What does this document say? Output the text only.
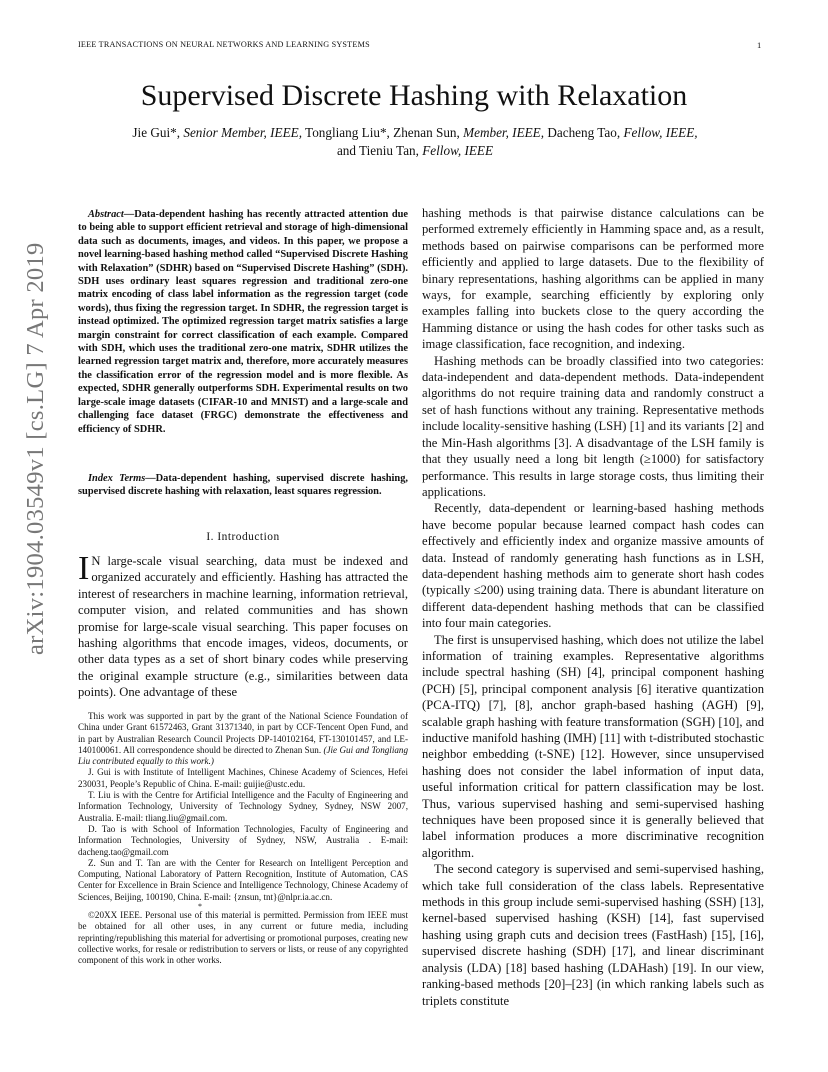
IEEE TRANSACTIONS ON NEURAL NETWORKS AND LEARNING SYSTEMS	1
Supervised Discrete Hashing with Relaxation
Jie Gui*, Senior Member, IEEE, Tongliang Liu*, Zhenan Sun, Member, IEEE, Dacheng Tao, Fellow, IEEE,
and Tieniu Tan, Fellow, IEEE
arXiv:1904.03549v1 [cs.LG] 7 Apr 2019
Abstract—Data-dependent hashing has recently attracted attention due to being able to support efficient retrieval and storage of high-dimensional data such as documents, images, and videos. In this paper, we propose a novel learning-based hashing method called “Supervised Discrete Hashing with Relaxation” (SDHR) based on “Supervised Discrete Hashing” (SDH). SDH uses ordinary least squares regression and traditional zero-one matrix encoding of class label information as the regression target (code words), thus fixing the regression target. In SDHR, the regression target is instead optimized. The optimized regression target matrix satisfies a large margin constraint for correct classification of each example. Compared with SDH, which uses the traditional zero-one matrix, SDHR utilizes the learned regression target matrix and, therefore, more accurately measures the classification error of the regression model and is more flexible. As expected, SDHR generally outperforms SDH. Experimental results on two large-scale image datasets (CIFAR-10 and MNIST) and a large-scale and challenging face dataset (FRGC) demonstrate the effectiveness and efficiency of SDHR.
Index Terms—Data-dependent hashing, supervised discrete hashing, supervised discrete hashing with relaxation, least squares regression.
I. Introduction
I N large-scale visual searching, data must be indexed and organized accurately and efficiently. Hashing has attracted the interest of researchers in machine learning, information retrieval, computer vision, and related communities and has shown promise for large-scale visual searching. This paper focuses on hashing algorithms that encode images, videos, documents, or other data types as a set of short binary codes while preserving the original example structure (e.g., similarities between data points). One advantage of these

This work was supported in part by the grant of the National Science Foundation of China under Grant 61572463, Grant 31371340, in part by CCF-Tencent Open Fund, and in part by Australian Research Council Projects DP-140102164, FT-130101457, and LE-140100061. All correspondence should be directed to Zhenan Sun. (Jie Gui and Tongliang Liu contributed equally to this work.)

J. Gui is with Institute of Intelligent Machines, Chinese Academy of Sciences, Hefei 230031, People’s Republic of China. E-mail: guijie@ustc.edu.

T. Liu is with the Centre for Artificial Intelligence and the Faculty of Engineering and Information Technology, University of Technology Sydney, Sydney, NSW 2007, Australia. E-mail: tliang.liu@gmail.com.

D. Tao is with School of Information Technologies, Faculty of Engineering and Information Technologies, University of Sydney, NSW, Australia . E-mail: dacheng.tao@gmail.com

Z. Sun and T. Tan are with the Center for Research on Intelligent Perception and Computing, National Laboratory of Pattern Recognition, Institute of Automation, CAS Center for Excellence in Brain Science and Intelligence Technology, Chinese Academy of Sciences, Beijing, 100190, China. E-mail: {znsun, tnt}@nlpr.ia.ac.cn.

*

©20XX IEEE. Personal use of this material is permitted. Permission from IEEE must be obtained for all other uses, in any current or future media, including reprinting/republishing this material for advertising or promotional purposes, creating new collective works, for resale or redistribution to servers or lists, or reuse of any copyrighted component of this work in other works.

hashing methods is that pairwise distance calculations can be performed extremely efficiently in Hamming space and, as a result, methods based on pairwise comparisons can be performed more efficiently and applied to large datasets. Due to the flexibility of binary representations, hashing algorithms can be applied in many ways, for example, searching efficiently by exploring only examples falling into buckets close to the query according the Hamming distance or using the hash codes for other tasks such as image classification, face recognition, and indexing.

Hashing methods can be broadly classified into two categories: data-independent and data-dependent methods. Data-independent algorithms do not require training data and randomly construct a set of hash functions without any training. Representative methods include locality-sensitive hashing (LSH) [1] and its variants [2] and the Min-Hash algorithms [3]. A disadvantage of the LSH family is that they usually need a long bit length (≥1000) for satisfactory performance. This results in large storage costs, thus limiting their applications.

Recently, data-dependent or learning-based hashing methods have become popular because learned compact hash codes can effectively and efficiently index and organize massive amounts of data. Instead of randomly generating hash functions as in LSH, data-dependent hashing methods aim to generate short hash codes (typically ≤200) using training data. There is abundant literature on different data-dependent hashing methods that can be classified into four main categories.

The first is unsupervised hashing, which does not utilize the label information of training examples. Representative algorithms include spectral hashing (SH) [4], principal component hashing (PCH) [5], principal component analysis [6] iterative quantization (PCA-ITQ) [7], [8], anchor graph-based hashing (AGH) [9], scalable graph hashing with feature transformation (SGH) [10], and inductive manifold hashing (IMH) [11] with t-distributed stochastic neighbor embedding (t-SNE) [12]. However, since unsupervised hashing does not consider the label information of input data, useful information critical for pattern classification may be lost. Thus, various supervised hashing and semi-supervised hashing techniques have been proposed since it is generally believed that label information produces a more discriminative recognition algorithm.

The second category is supervised and semi-supervised hashing, which take full consideration of the class labels. Representative methods in this group include semi-supervised hashing (SSH) [13], kernel-based supervised hashing (KSH) [14], fast supervised hashing using graph cuts and decision trees (FastHash) [15], [16], supervised discrete hashing (SDH) [17], and linear discriminant analysis (LDA) [18] based hashing (LDAHash) [19]. In our view, ranking-based methods [20]–[23] (in which ranking labels such as triplets constitute
